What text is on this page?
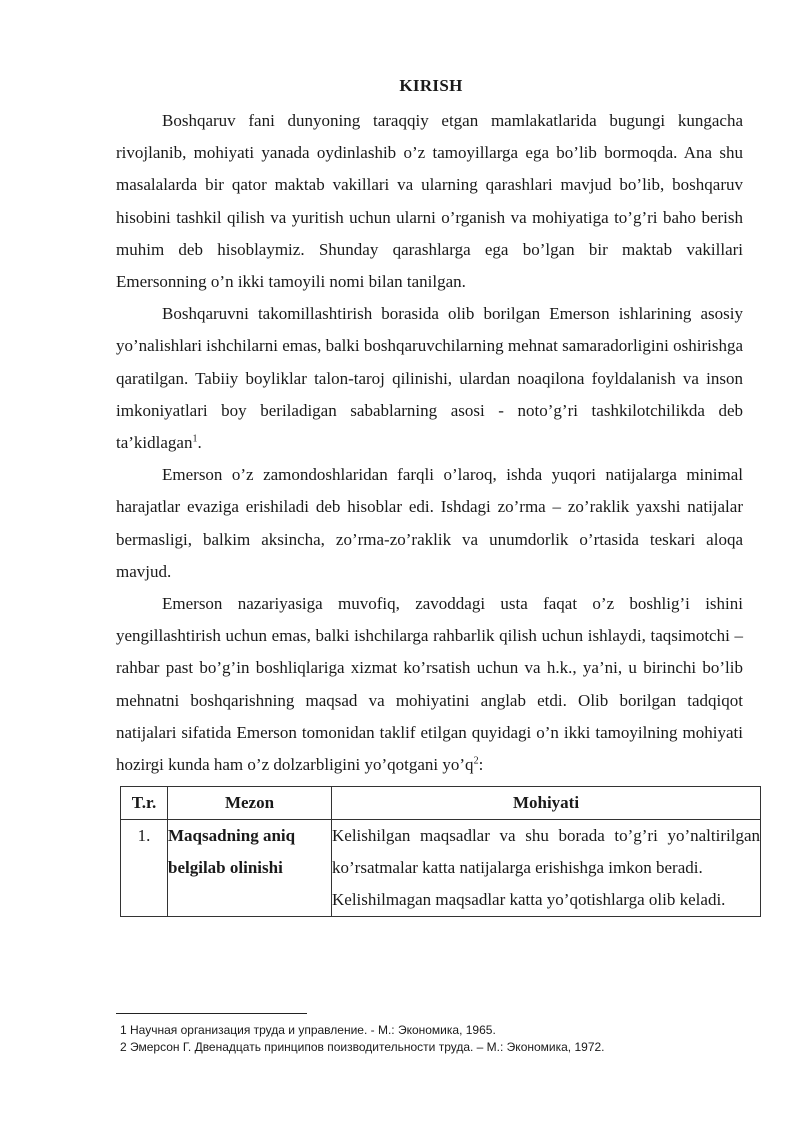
KIRISH

Boshqaruv fani dunyoning taraqqiy etgan mamlakatlarida bugungi kungacha rivojlanib, mohiyati yanada oydinlashib o’z tamoyillarga ega bo’lib bormoqda. Ana shu masalalarda bir qator maktab vakillari va ularning qarashlari mavjud bo’lib, boshqaruv hisobini tashkil qilish va yuritish uchun ularni o’rganish va mohiyatiga to’g’ri baho berish muhim deb hisoblaymiz. Shunday qarashlarga ega bo’lgan bir maktab vakillari Emersonning o’n ikki tamoyili nomi bilan tanilgan.

Boshqaruvni takomillashtirish borasida olib borilgan Emerson ishlarining asosiy yo’nalishlari ishchilarni emas, balki boshqaruvchilarning mehnat samaradorligini oshirishga qaratilgan. Tabiiy boyliklar talon-taroj qilinishi, ulardan noaqilona foyldalanish va inson imkoniyatlari boy beriladigan sabablarning asosi - noto’g’ri tashkilotchilikda deb ta’kidlagan$^1$.

Emerson o’z zamondoshlaridan farqli o’laroq, ishda yuqori natijalarga minimal harajatlar evaziga erishiladi deb hisoblar edi. Ishdagi zo’rma – zo’raklik yaxshi natijalar bermasligi, balkim aksincha, zo’rma-zo’raklik va unumdorlik o’rtasida teskari aloqa mavjud.

Emerson nazariyasiga muvofiq, zavoddagi usta faqat o’z boshlig’i ishini yengillashtirish uchun emas, balki ishchilarga rahbarlik qilish uchun ishlaydi, taqsimotchi – rahbar past bo’g’in boshliqlariga xizmat ko’rsatish uchun va h.k., ya’ni, u birinchi bo’lib mehnatni boshqarishning maqsad va mohiyatini anglab etdi. Olib borilgan tadqiqot natijalari sifatida Emerson tomonidan taklif etilgan quyidagi o’n ikki tamoyilning mohiyati hozirgi kunda ham o’z dolzarbligini yo’qotgani $yo’q^2$:

T.r.	Mezon	Mohiyati
1.	Maqsadning aniq belgilab olinishi	Kelishilgan maqsadlar va shu borada to’g’ri yo’naltirilgan ko’rsatmalar katta natijalarga erishishga imkon beradi.
Kelishilmagan maqsadlar katta yo’qotishlarga olib keladi.
1 Научная организация труда и управление. - М.: Экономика, 1965.
2 Эмерсон Г. Двенадцать принципов поизводительности труда. – М.: Экономика, 1972.
